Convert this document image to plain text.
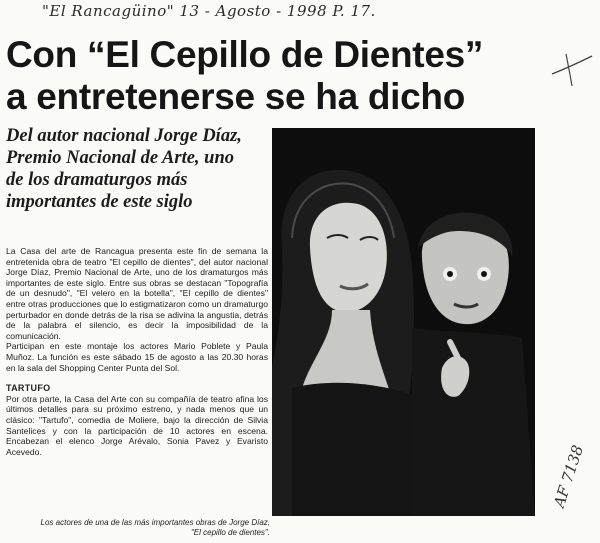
"El Rancagüino" 13 - Agosto - 1998 P. 17.
Con “El Cepillo de Dientes”
a entretenerse se ha dicho
Del autor nacional Jorge Díaz, Premio Nacional de Arte, uno de los dramaturgos más importantes de este siglo

La Casa del arte de Rancagua presenta este fin de semana la entretenida obra de teatro "El cepillo de dientes", del autor nacional Jorge Díaz, Premio Nacional de Arte, uno de los dramaturgos más importantes de este siglo. Entre sus obras se destacan "Topografía de un desnudo", "El velero en la botella", "El cepillo de dientes" entre otras producciones que lo estigmatizaron como un dramaturgo perturbador en donde detrás de la risa se adivina la angustia, detrás de la palabra el silencio, es decir la imposibilidad de la comunicación.

Participan en este montaje los actores Mario Poblete y Paula Muñoz. La función es este sábado 15 de agosto a las 20.30 horas en la sala del Shopping Center Punta del Sol.

TARTUFO

Por otra parte, la Casa del Arte con su compañía de teatro afina los últimos detalles para su próximo estreno, y nada menos que un clásico: "Tartufo", comedia de Moliere, bajo la dirección de Silvia Santelices y con la participación de 10 actores en escena. Encabezan el elenco Jorge Arévalo, Sonia Pavez y Evaristo Acevedo.

Los actores de una de las más importantes obras de Jorge Díaz, "El cepillo de dientes".
AF 7138
